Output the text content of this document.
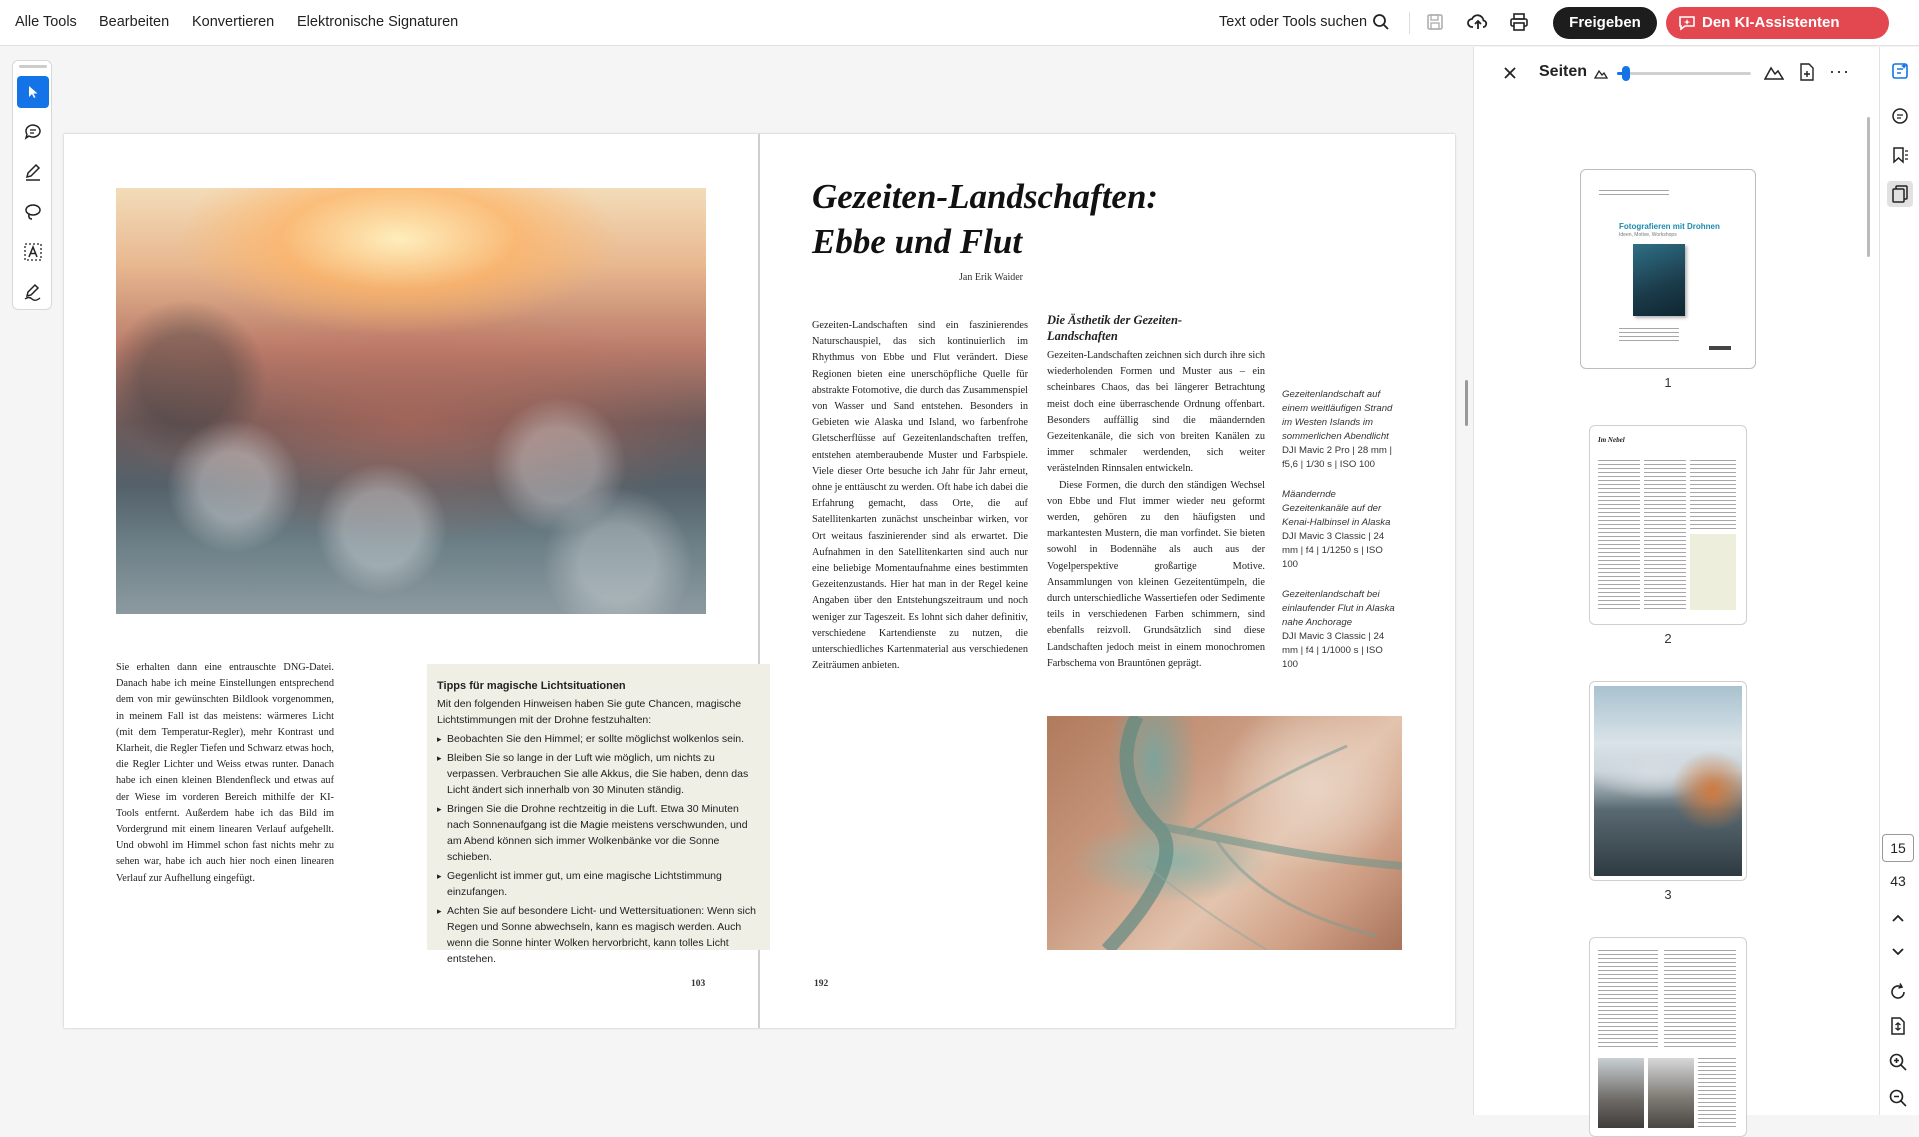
Alle Tools Bearbeiten Konvertieren Elektronische Signaturen	Text oder Tools suchen	Freigeben	Den KI-Assistenten
Sie erhalten dann eine entrauschte DNG-Datei. Danach habe ich meine Einstellungen entsprechend dem von mir gewünschten Bildlook vorgenommen, in meinem Fall ist das meistens: wärmeres Licht (mit dem Temperatur-Regler), mehr Kontrast und Klarheit, die Regler Tiefen und Schwarz etwas hoch, die Regler Lichter und Weiss etwas runter. Danach habe ich einen kleinen Blendenfleck und etwas auf der Wiese im vorderen Bereich mithilfe der KI-Tools entfernt. Außerdem habe ich das Bild im Vordergrund mit einem linearen Verlauf aufgehellt. Und obwohl im Himmel schon fast nichts mehr zu sehen war, habe ich auch hier noch einen linearen Verlauf zur Aufhellung eingefügt.
Tipps für magische Lichtsituationen
Mit den folgenden Hinweisen haben Sie gute Chancen, magische Lichtstimmungen mit der Drohne festzuhalten:
▸ Beobachten Sie den Himmel; er sollte möglichst wolkenlos sein.
▸ Bleiben Sie so lange in der Luft wie möglich, um nichts zu verpassen. Verbrauchen Sie alle Akkus, die Sie haben, denn das Licht ändert sich innerhalb von 30 Minuten ständig.
▸ Bringen Sie die Drohne rechtzeitig in die Luft. Etwa 30 Minuten nach Sonnenaufgang ist die Magie meistens verschwunden, und am Abend können sich immer Wolkenbänke vor die Sonne schieben.
▸ Gegenlicht ist immer gut, um eine magische Lichtstimmung einzufangen.
▸ Achten Sie auf besondere Licht- und Wettersituationen: Wenn sich Regen und Sonne abwechseln, kann es magisch werden. Auch wenn die Sonne hinter Wolken hervorbricht, kann tolles Licht entstehen.
103
Gezeiten-Landschaften:
Ebbe und Flut
Jan Erik Waider
Gezeiten-Landschaften sind ein faszinierendes Naturschauspiel, das sich kontinuierlich im Rhythmus von Ebbe und Flut verändert. Diese Regionen bieten eine unerschöpfliche Quelle für abstrakte Fotomotive, die durch das Zusammenspiel von Wasser und Sand entstehen. Besonders in Gebieten wie Alaska und Island, wo farbenfrohe Gletscherflüsse auf Gezeitenlandschaften treffen, entstehen atemberaubende Muster und Farbspiele. Viele dieser Orte besuche ich Jahr für Jahr erneut, ohne je enttäuscht zu werden. Oft habe ich dabei die Erfahrung gemacht, dass Orte, die auf Satellitenkarten zunächst unscheinbar wirken, vor Ort weitaus faszinierender sind als erwartet. Die Aufnahmen in den Satellitenkarten sind auch nur eine beliebige Momentaufnahme eines bestimmten Gezeitenzustands. Hier hat man in der Regel keine Angaben über den Entstehungszeitraum und noch weniger zur Tageszeit. Es lohnt sich daher definitiv, verschiedene Kartendienste zu nutzen, die unterschiedliches Kartenmaterial aus verschiedenen Zeiträumen anbieten.
Die Ästhetik der Gezeiten-Landschaften
Gezeiten-Landschaften zeichnen sich durch ihre sich wiederholenden Formen und Muster aus – ein scheinbares Chaos, das bei längerer Betrachtung meist doch eine überraschende Ordnung offenbart. Besonders auffällig sind die mäandernden Gezeitenkanäle, die sich von breiten Kanälen zu immer schmaler werdenden, sich weiter verästelnden Rinnsalen entwickeln.
Diese Formen, die durch den ständigen Wechsel von Ebbe und Flut immer wieder neu geformt werden, gehören zu den häufigsten und markantesten Mustern, die man vorfindet. Sie bieten sowohl in Bodennähe als auch aus der Vogelperspektive großartige Motive. Ansammlungen von kleinen Gezeitentümpeln, die durch unterschiedliche Wassertiefen oder Sedimente teils in verschiedenen Farben schimmern, sind ebenfalls reizvoll. Grundsätzlich sind diese Landschaften jedoch meist in einem monochromen Farbschema von Brauntönen geprägt.
Gezeitenlandschaft auf einem weitläufigen Strand im Westen Islands im sommerlichen Abendlicht
DJI Mavic 2 Pro | 28 mm | f5,6 | 1/30 s | ISO 100
Mäandernde Gezeitenkanäle auf der Kenai-Halbinsel in Alaska
DJI Mavic 3 Classic | 24 mm | f4 | 1/1250 s | ISO 100
Gezeitenlandschaft bei einlaufender Flut in Alaska nahe Anchorage
DJI Mavic 3 Classic | 24 mm | f4 | 1/1000 s | ISO 100
192
Seiten	···
Fotografieren mit Drohnen
Ideen, Motive, Workshops
1
Im Nebel
2
3
15
43
